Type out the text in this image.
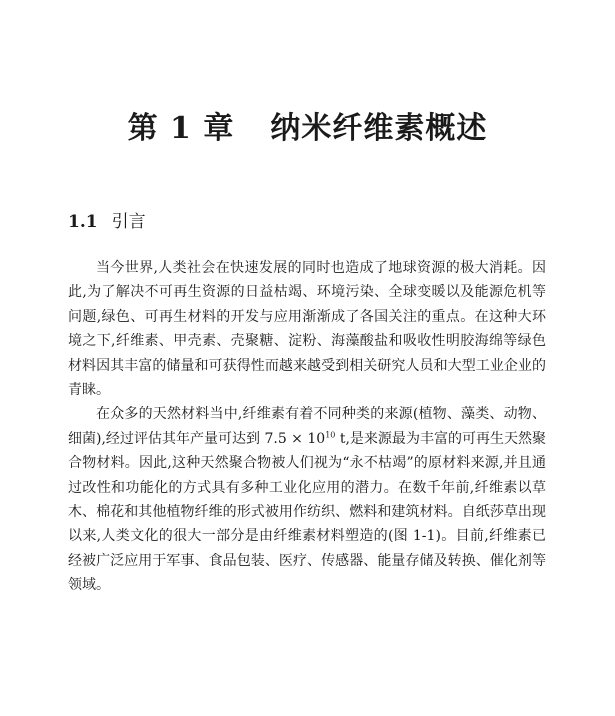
第 1 章 纳米纤维素概述
1.1 引言

当今世界,人类社会在快速发展的同时也造成了地球资源的极大消耗。因此,为了解决不可再生资源的日益枯竭、环境污染、全球变暖以及能源危机等问题,绿色、可再生材料的开发与应用渐渐成了各国关注的重点。在这种大环境之下,纤维素、甲壳素、壳聚糖、淀粉、海藻酸盐和吸收性明胶海绵等绿色材料因其丰富的储量和可获得性而越来越受到相关研究人员和大型工业企业的青睐。

在众多的天然材料当中,纤维素有着不同种类的来源(植物、藻类、动物、细菌),经过评估其年产量可达到 $7.5 \times 10^{10}$ t,是来源最为丰富的可再生天然聚合物材料。因此,这种天然聚合物被人们视为“永不枯竭”的原材料来源,并且通过改性和功能化的方式具有多种工业化应用的潜力。在数千年前,纤维素以草木、棉花和其他植物纤维的形式被用作纺织、燃料和建筑材料。自纸莎草出现以来,人类文化的很大一部分是由纤维素材料塑造的(图 1-1)。目前,纤维素已经被广泛应用于军事、食品包装、医疗、传感器、能量存储及转换、催化剂等领域。
